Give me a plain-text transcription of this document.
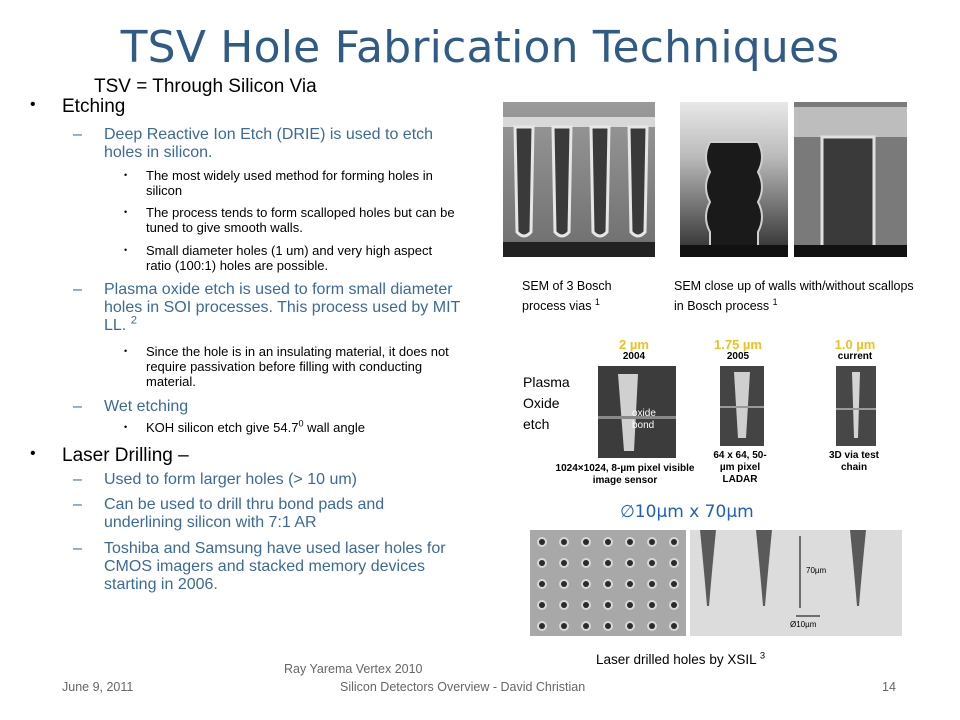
TSV Hole Fabrication Techniques
TSV = Through Silicon Via
• Etching
– Deep Reactive Ion Etch (DRIE) is used to etch holes in silicon.
• The most widely used method for forming holes in silicon
• The process tends to form scalloped holes but can be tuned to give smooth walls.
• Small diameter holes (1 um) and very high aspect ratio (100:1) holes are possible.
– Plasma oxide etch is used to form small diameter holes in SOI processes. This process used by MIT LL. $^2$
• Since the hole is in an insulating material, it does not require passivation before filling with conducting material.
– Wet etching
• KOH silicon etch give 54.7$^0$ wall angle
• Laser Drilling –
– Used to form larger holes (> 10 um)
– Can be used to drill thru bond pads and underlining silicon with 7:1 AR
– Toshiba and Samsung have used laser holes for CMOS imagers and stacked memory devices starting in 2006.
SEM of 3 Bosch process vias $^1$
SEM close up of walls with/without scallops in Bosch process $^1$
Plasma Oxide etch
2 µm
2004
oxide
bond
1024×1024, 8-µm pixel visible image sensor
1.75 µm
2005
64 x 64, 50-µm pixel LADAR
1.0 µm
current
3D via test chain
∅10µm x 70µm
70µm
Ø10µm
Laser drilled holes by XSIL $^3$
June 9, 2011
Ray Yarema Vertex 2010
Silicon Detectors Overview - David Christian	14
